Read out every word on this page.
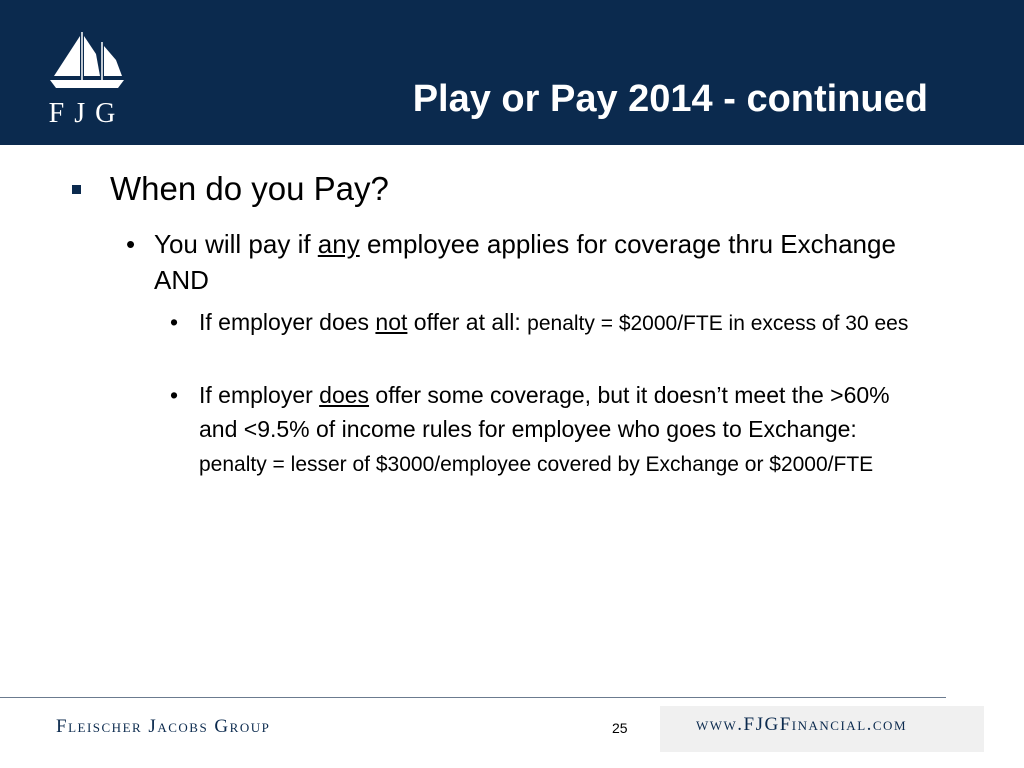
FJG	Play or Pay 2014 - continued
When do you Pay?
• You will pay if any employee applies for coverage thru Exchange AND
• If employer does not offer at all: penalty = $2000/FTE in excess of 30 ees
• If employer does offer some coverage, but it doesn’t meet the >60% and <9.5% of income rules for employee who goes to Exchange: penalty = lesser of $3000/employee covered by Exchange or $2000/FTE
Fleischer Jacobs Group	25	www.FJGFinancial.com
